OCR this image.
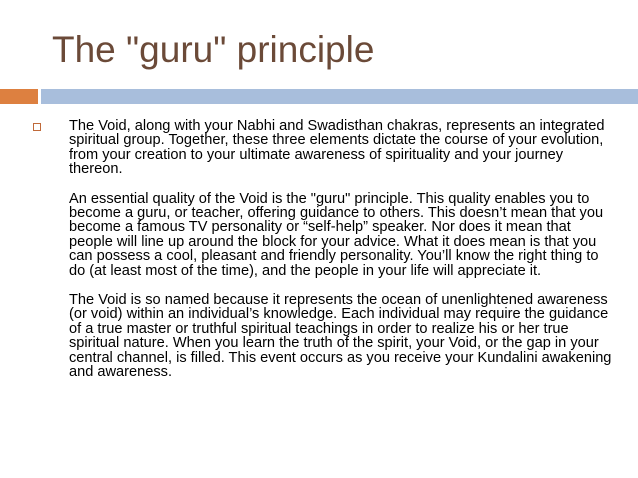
The "guru" principle

The Void, along with your Nabhi and Swadisthan chakras, represents an integrated spiritual group. Together, these three elements dictate the course of your evolution, from your creation to your ultimate awareness of spirituality and your journey thereon.

An essential quality of the Void is the "guru" principle. This quality enables you to become a guru, or teacher, offering guidance to others. This doesn’t mean that you become a famous TV personality or “self-help” speaker. Nor does it mean that people will line up around the block for your advice. What it does mean is that you can possess a cool, pleasant and friendly personality. You’ll know the right thing to do (at least most of the time), and the people in your life will appreciate it.

The Void is so named because it represents the ocean of unenlightened awareness (or void) within an individual’s knowledge. Each individual may require the guidance of a true master or truthful spiritual teachings in order to realize his or her true spiritual nature. When you learn the truth of the spirit, your Void, or the gap in your central channel, is filled. This event occurs as you receive your Kundalini awakening and awareness.
